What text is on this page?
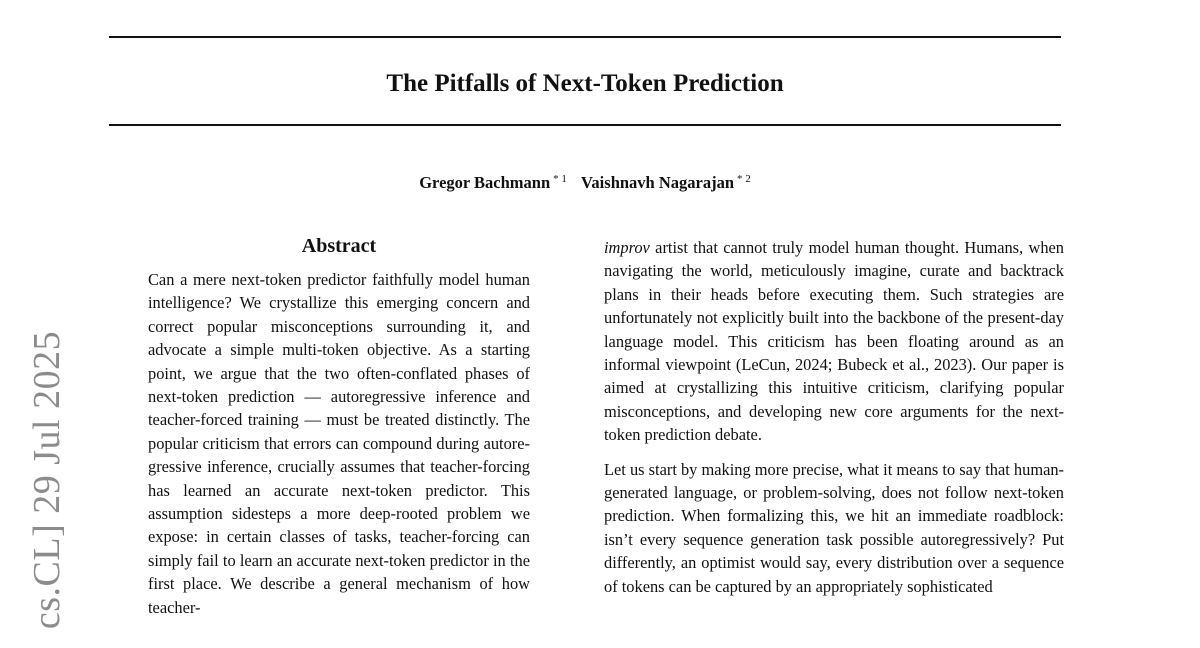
The Pitfalls of Next-Token Prediction
Gregor Bachmann $^{* 1}$ Vaishnavh Nagarajan $^{* 2}$
Abstract

Can a mere next-token predictor faithfully model human intelligence? We crystallize this emerging concern and correct popular misconceptions surrounding it, and advocate a simple multi-token objective. As a starting point, we argue that the two often-conflated phases of next-token prediction — autoregressive inference and teacher-forced training — must be treated distinctly. The popular criticism that errors can compound during autoregressive inference, crucially assumes that teacher-forcing has learned an accurate next-token predictor. This assumption sidesteps a more deep-rooted problem we expose: in certain classes of tasks, teacher-forcing can simply fail to learn an accurate next-token predictor in the first place. We describe a general mechanism of how teacher-

improv artist that cannot truly model human thought. Humans, when navigating the world, meticulously imagine, curate and backtrack plans in their heads before executing them. Such strategies are unfortunately not explicitly built into the backbone of the present-day language model. This criticism has been floating around as an informal viewpoint (LeCun, 2024; Bubeck et al., 2023). Our paper is aimed at crystallizing this intuitive criticism, clarifying popular misconceptions, and developing new core arguments for the next-token prediction debate.

Let us start by making more precise, what it means to say that human-generated language, or problem-solving, does not follow next-token prediction. When formalizing this, we hit an immediate roadblock: isn’t every sequence generation task possible autoregressively? Put differently, an optimist would say, every distribution over a sequence of tokens can be captured by an appropriately sophisticated

cs.CL] 29 Jul 2025
